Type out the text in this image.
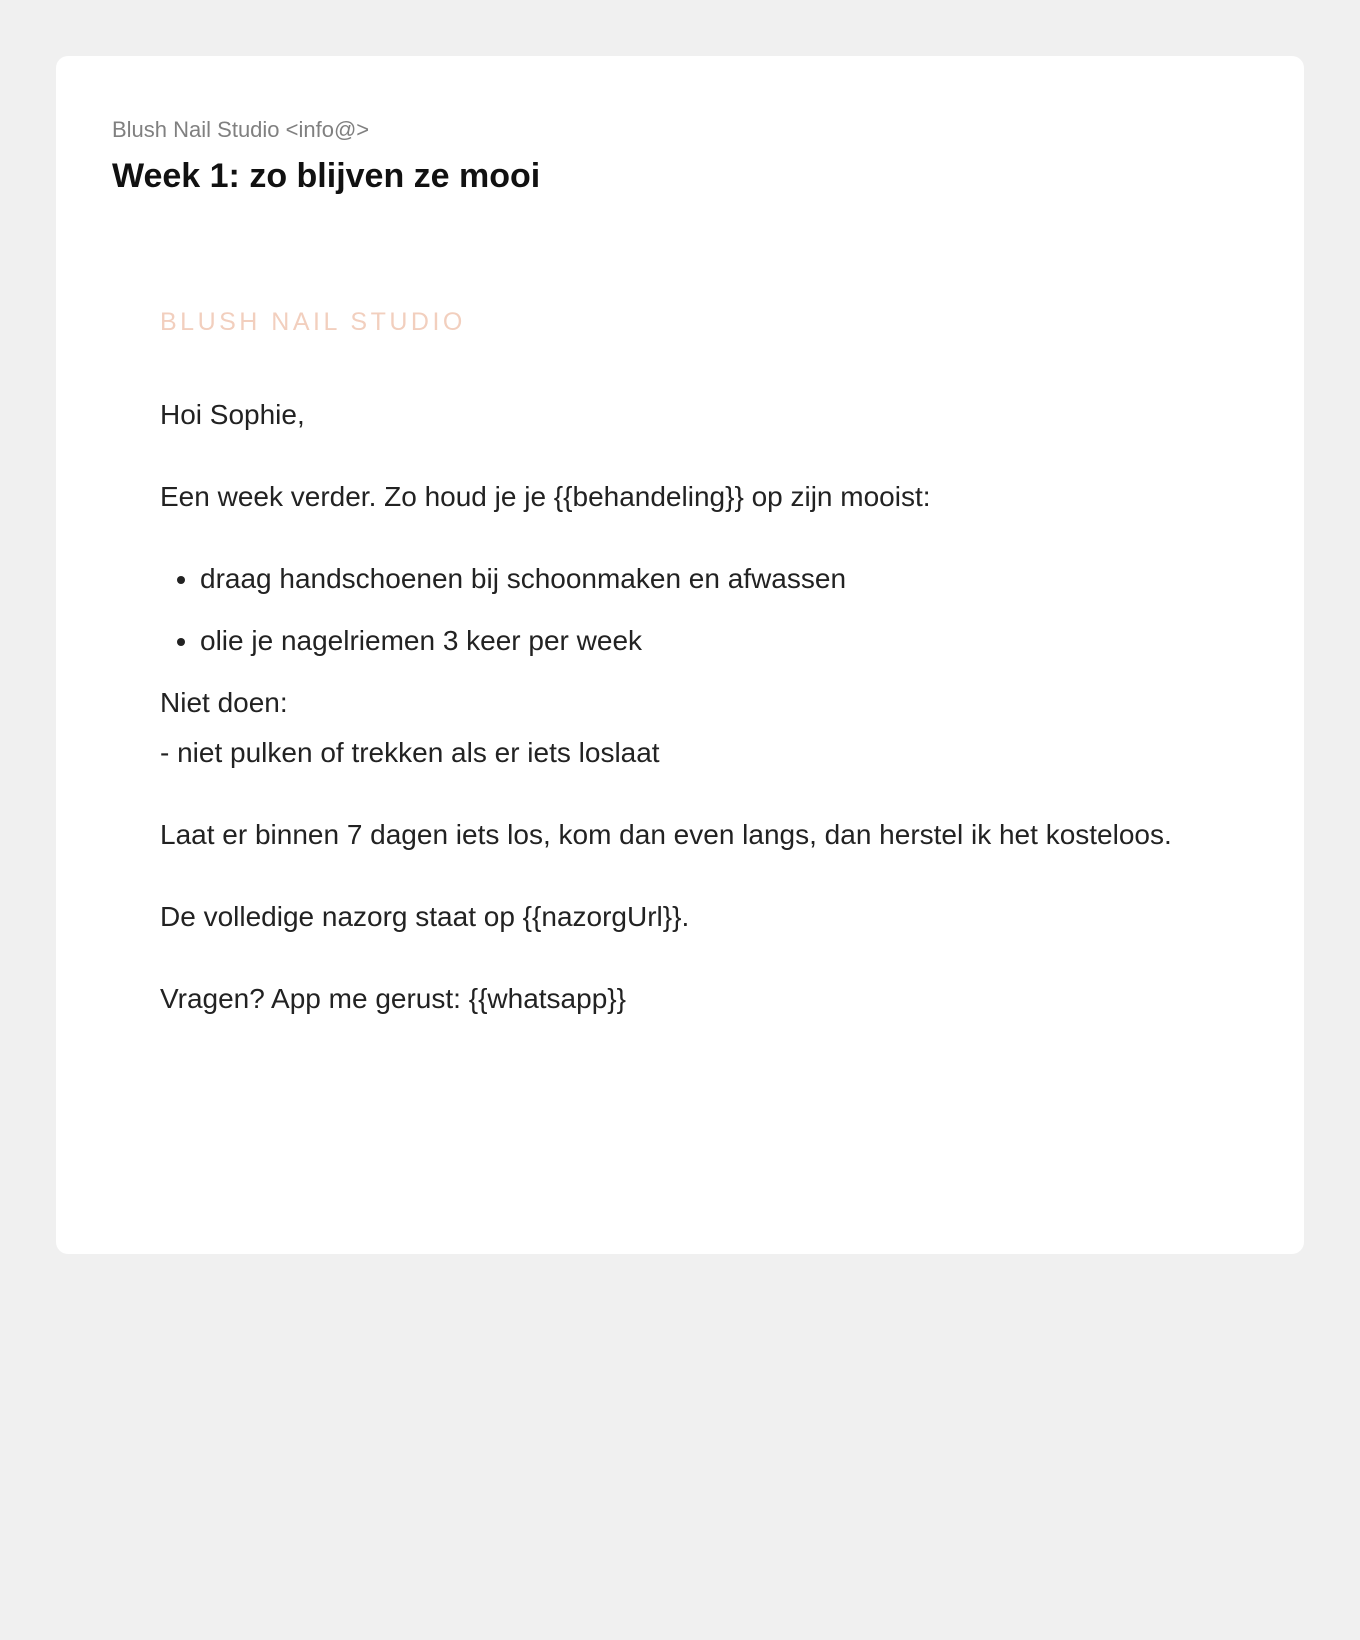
Blush Nail Studio <info@>
Week 1: zo blijven ze mooi
BLUSH NAIL STUDIO

Hoi Sophie,

Een week verder. Zo houd je je {{behandeling}} op zijn mooist:

• draag handschoenen bij schoonmaken en afwassen
• olie je nagelriemen 3 keer per week

Niet doen:
- niet pulken of trekken als er iets loslaat

Laat er binnen 7 dagen iets los, kom dan even langs, dan herstel ik het kosteloos.

De volledige nazorg staat op {{nazorgUrl}}.

Vragen? App me gerust: {{whatsapp}}
